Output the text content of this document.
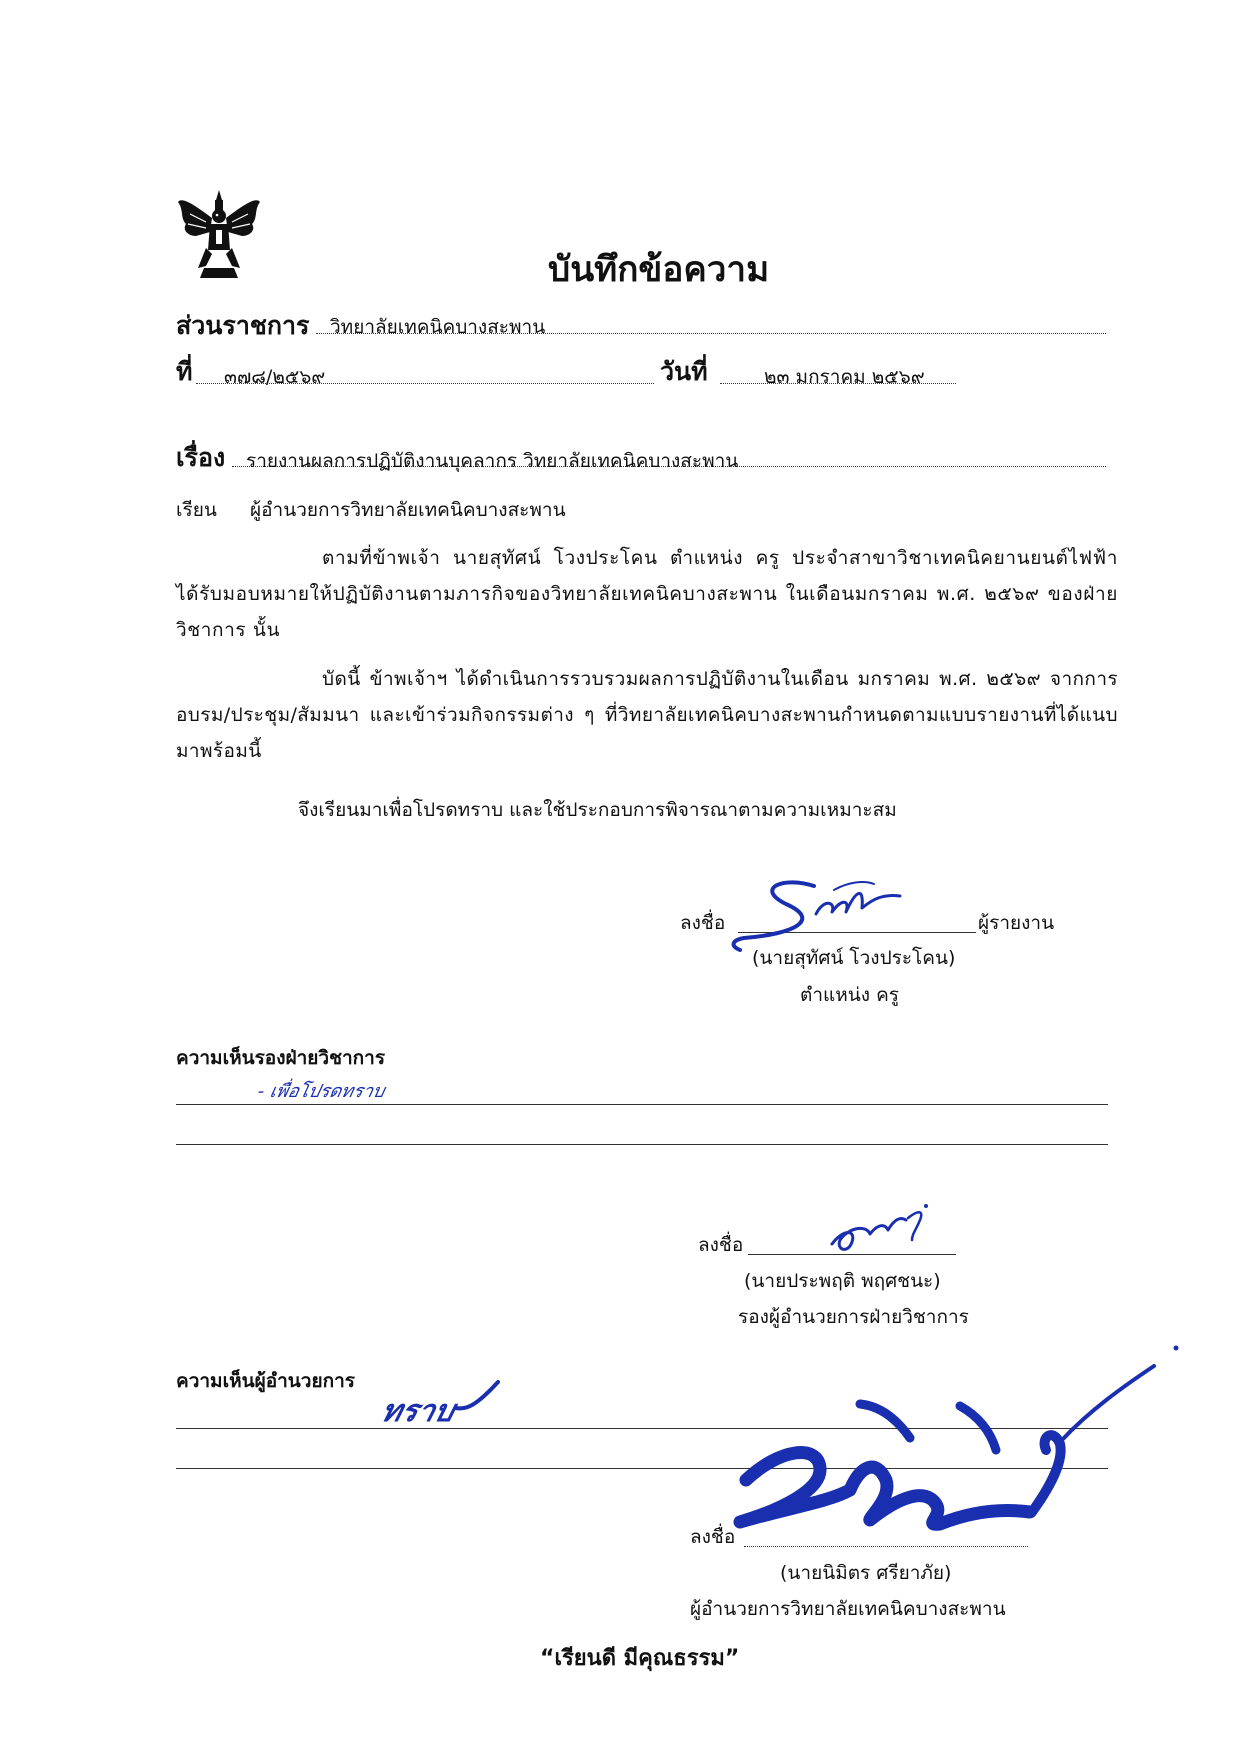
บันทึกข้อความ
ส่วนราชการ วิทยาลัยเทคนิคบางสะพาน
ที่ ๓๗๘/๒๕๖๙	วันที่	๒๓ มกราคม ๒๕๖๙
เรื่อง รายงานผลการปฏิบัติงานบุคลากร วิทยาลัยเทคนิคบางสะพาน
เรียน ผู้อำนวยการวิทยาลัยเทคนิคบางสะพาน
ตามที่ข้าพเจ้า นายสุทัศน์ โวงประโคน ตำแหน่ง ครู ประจำสาขาวิชาเทคนิคยานยนต์ไฟฟ้า ได้รับมอบหมายให้ปฏิบัติงานตามภารกิจของวิทยาลัยเทคนิคบางสะพาน ในเดือนมกราคม พ.ศ. ๒๕๖๙ ของฝ่ายวิชาการ นั้น
บัดนี้ ข้าพเจ้าฯ ได้ดำเนินการรวบรวมผลการปฏิบัติงานในเดือน มกราคม พ.ศ. ๒๕๖๙ จากการอบรม/ประชุม/สัมมนา และเข้าร่วมกิจกรรมต่าง ๆ ที่วิทยาลัยเทคนิคบางสะพานกำหนดตามแบบรายงานที่ได้แนบมาพร้อมนี้
จึงเรียนมาเพื่อโปรดทราบ และใช้ประกอบการพิจารณาตามความเหมาะสม
ลงชื่อ	ผู้รายงาน
(นายสุทัศน์ โวงประโคน)
ตำแหน่ง ครู
ความเห็นรองฝ่ายวิชาการ
- เพื่อโปรดทราบ
ลงชื่อ
(นายประพฤติ พฤศชนะ)
รองผู้อำนวยการฝ่ายวิชาการ
ความเห็นผู้อำนวยการ
ทราบ
ลงชื่อ
(นายนิมิตร ศรียาภัย)
ผู้อำนวยการวิทยาลัยเทคนิคบางสะพาน
“เรียนดี มีคุณธรรม”
